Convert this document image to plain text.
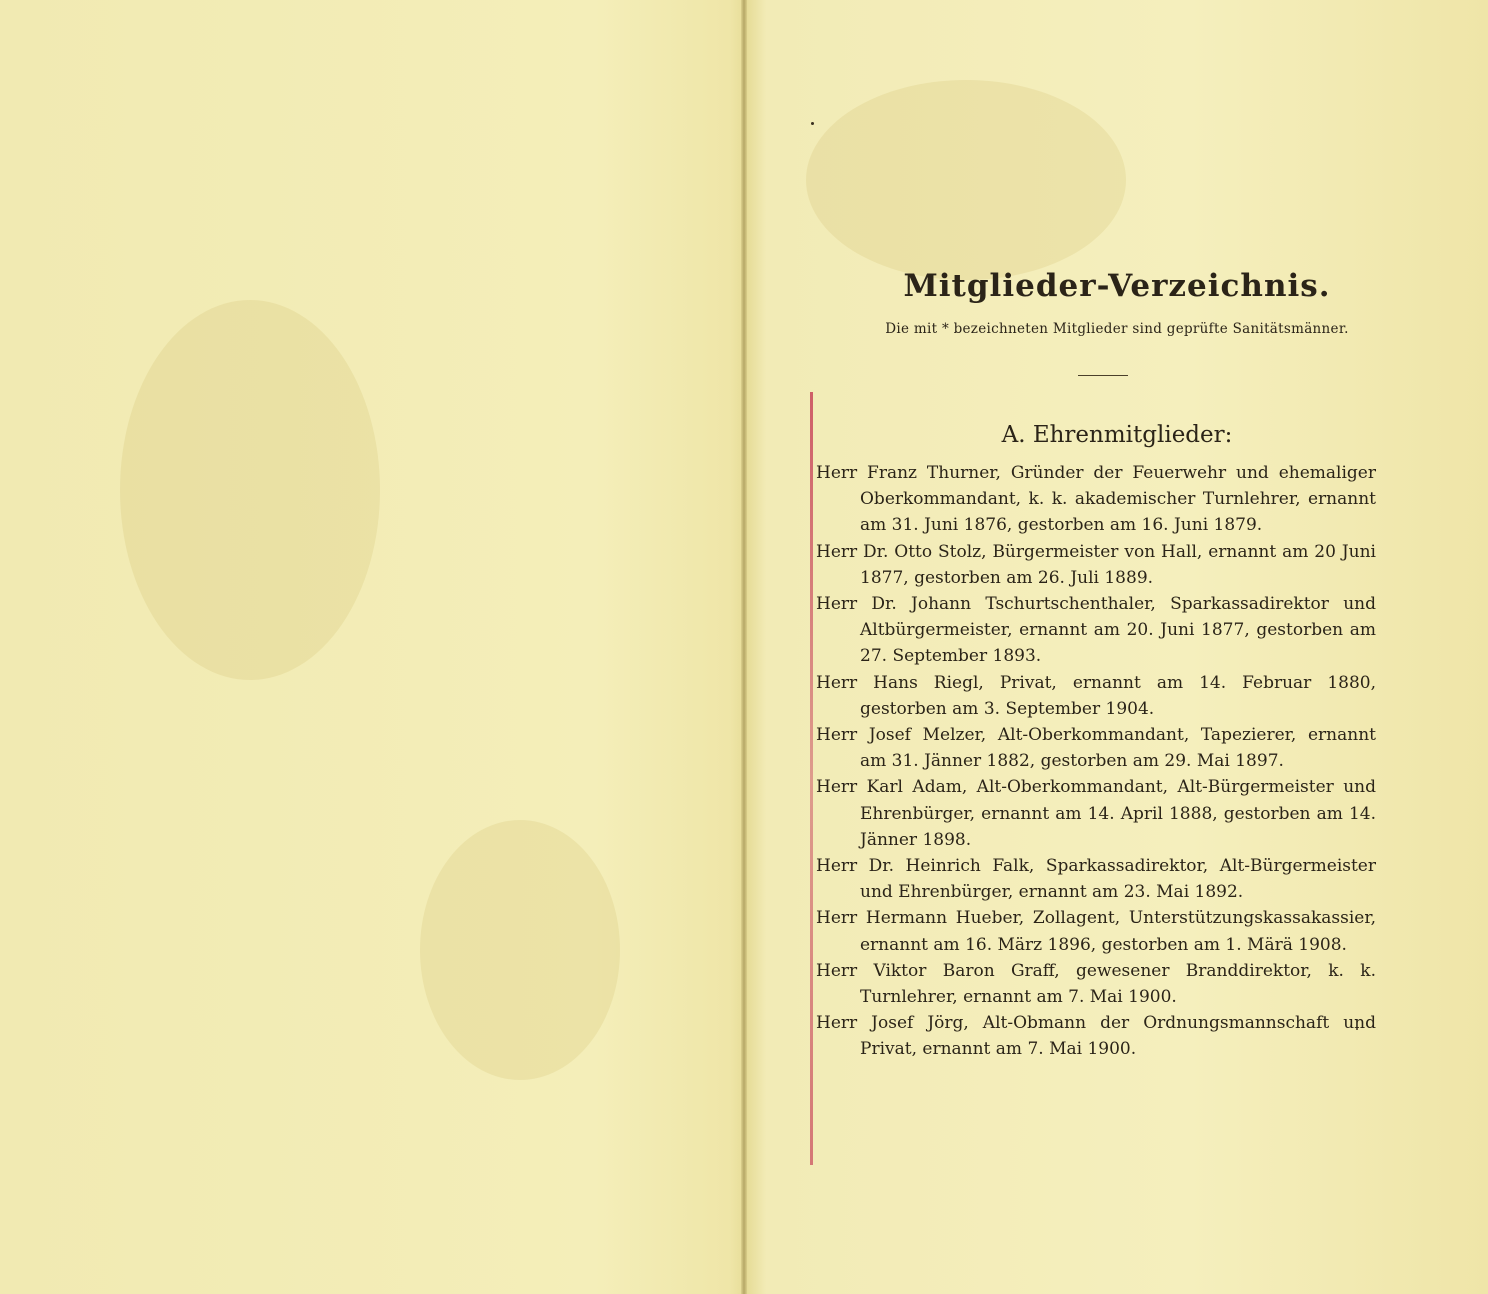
Mitglieder-Verzeichnis.
Die mit * bezeichneten Mitglieder sind geprüfte Sanitätsmänner.
A. Ehrenmitglieder:
Herr Franz Thurner, Gründer der Feuerwehr und ehemaliger Oberkommandant, k. k. akademischer Turnlehrer, ernannt am 31. Juni 1876, gestorben am 16. Juni 1879.
Herr Dr. Otto Stolz, Bürgermeister von Hall, ernannt am 20 Juni 1877, gestorben am 26. Juli 1889.
Herr Dr. Johann Tschurtschenthaler, Sparkassadirektor und Altbürgermeister, ernannt am 20. Juni 1877, gestorben am 27. September 1893.
Herr Hans Riegl, Privat, ernannt am 14. Februar 1880, gestorben am 3. September 1904.
Herr Josef Melzer, Alt-Oberkommandant, Tapezierer, ernannt am 31. Jänner 1882, gestorben am 29. Mai 1897.
Herr Karl Adam, Alt-Oberkommandant, Alt-Bürgermeister und Ehrenbürger, ernannt am 14. April 1888, gestorben am 14. Jänner 1898.
Herr Dr. Heinrich Falk, Sparkassadirektor, Alt-Bürgermeister und Ehrenbürger, ernannt am 23. Mai 1892.
Herr Hermann Hueber, Zollagent, Unterstützungskassakassier, ernannt am 16. März 1896, gestorben am 1. Märä 1908.
Herr Viktor Baron Graff, gewesener Branddirektor, k. k. Turnlehrer, ernannt am 7. Mai 1900.
Herr Josef Jörg, Alt-Obmann der Ordnungsmannschaft und Privat, ernannt am 7. Mai 1900.
